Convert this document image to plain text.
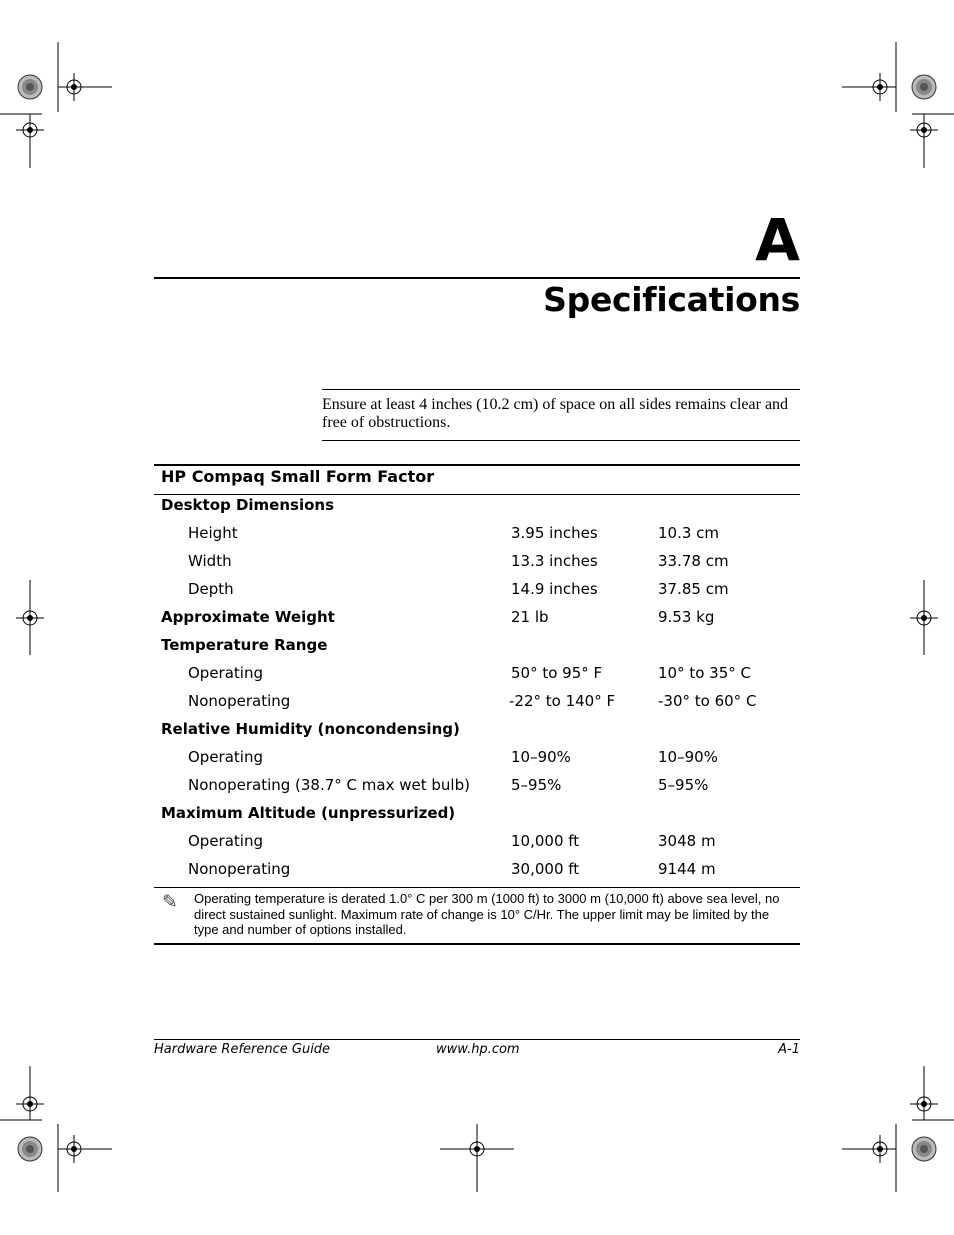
A
Specifications
Ensure at least 4 inches (10.2 cm) of space on all sides remains clear and free of obstructions.
HP Compaq Small Form Factor
Desktop Dimensions
Height	3.95 inches	10.3 cm
Width	13.3 inches	33.78 cm
Depth	14.9 inches	37.85 cm
Approximate Weight	21 lb	9.53 kg
Temperature Range
Operating	50° to 95° F	10° to 35° C
Nonoperating	-22° to 140° F	-30° to 60° C
Relative Humidity (noncondensing)
Operating	10–90%	10–90%
Nonoperating (38.7° C max wet bulb)	5–95%	5–95%
Maximum Altitude (unpressurized)
Operating	10,000 ft	3048 m
Nonoperating	30,000 ft	9144 m
✎ Operating temperature is derated 1.0° C per 300 m (1000 ft) to 3000 m (10,000 ft) above sea level, no direct sustained sunlight. Maximum rate of change is 10° C/Hr. The upper limit may be limited by the type and number of options installed.
Hardware Reference Guide	www.hp.com	A-1
